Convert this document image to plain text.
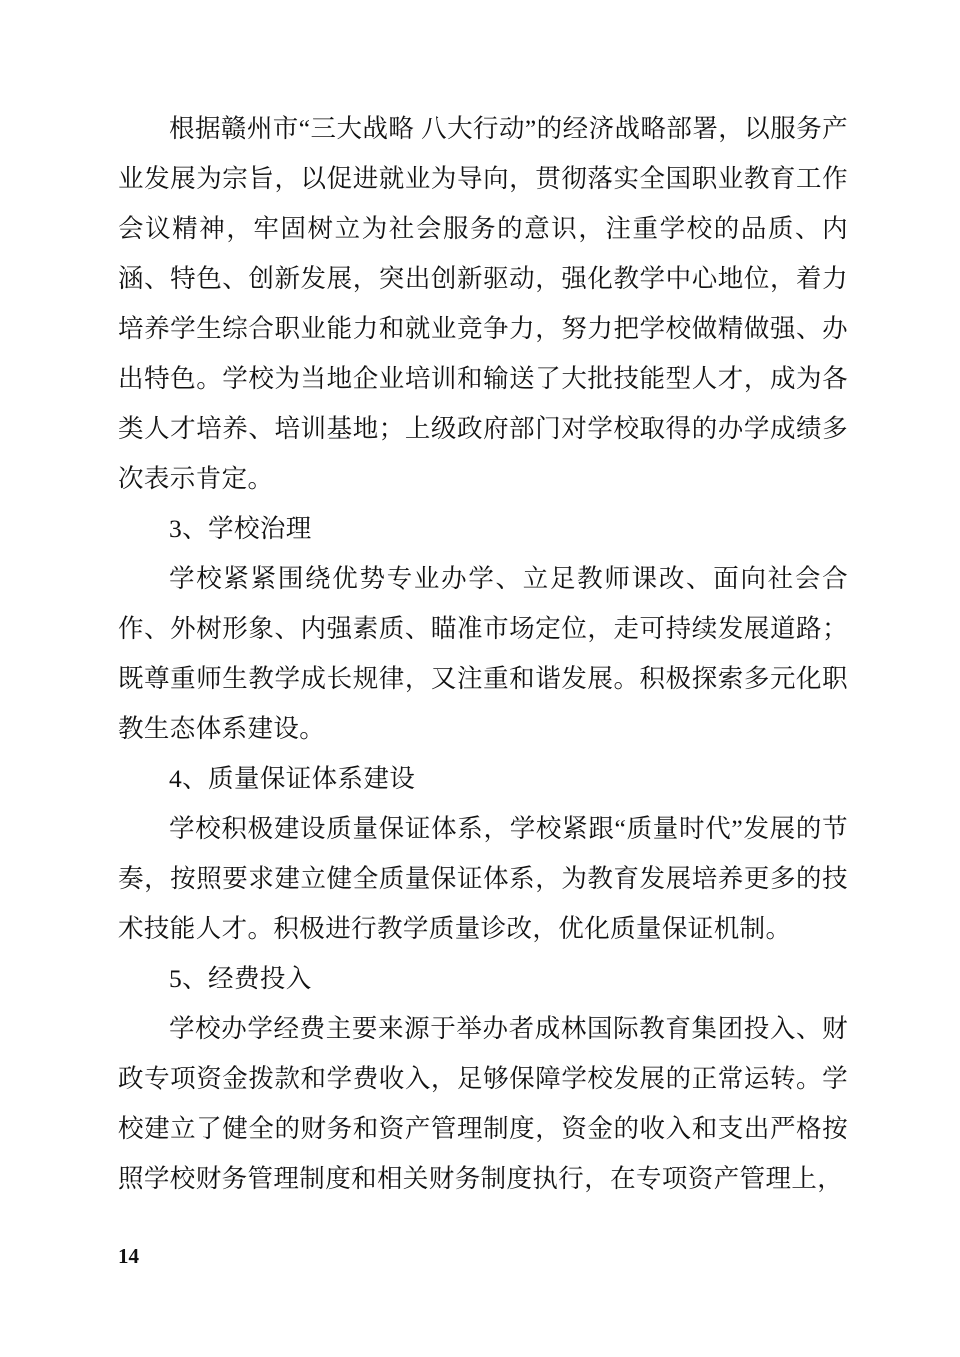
根据赣州市“三大战略 八大行动”的经济战略部署，以服务产业发展为宗旨，以促进就业为导向，贯彻落实全国职业教育工作会议精神，牢固树立为社会服务的意识，注重学校的品质、内涵、特色、创新发展，突出创新驱动，强化教学中心地位，着力培养学生综合职业能力和就业竞争力，努力把学校做精做强、办出特色。学校为当地企业培训和输送了大批技能型人才，成为各类人才培养、培训基地；上级政府部门对学校取得的办学成绩多次表示肯定。

3、学校治理

学校紧紧围绕优势专业办学、立足教师课改、面向社会合作、外树形象、内强素质、瞄准市场定位，走可持续发展道路；既尊重师生教学成长规律，又注重和谐发展。积极探索多元化职教生态体系建设。

4、质量保证体系建设

学校积极建设质量保证体系，学校紧跟“质量时代”发展的节奏，按照要求建立健全质量保证体系，为教育发展培养更多的技术技能人才。积极进行教学质量诊改，优化质量保证机制。

5、经费投入

学校办学经费主要来源于举办者成林国际教育集团投入、财政专项资金拨款和学费收入，足够保障学校发展的正常运转。学校建立了健全的财务和资产管理制度，资金的收入和支出严格按照学校财务管理制度和相关财务制度执行，在专项资产管理上，

14
